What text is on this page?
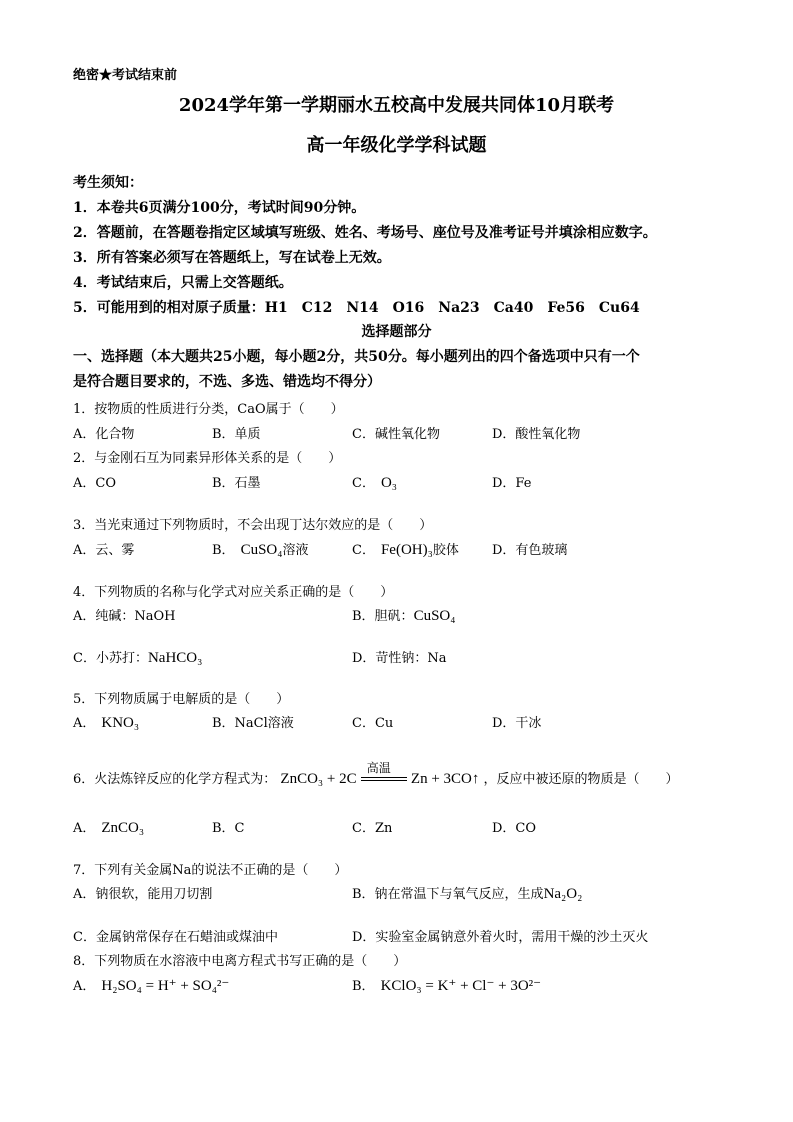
绝密★考试结束前
2024学年第一学期丽水五校高中发展共同体10月联考
高一年级化学学科试题
考生须知：
1．本卷共6页满分100分，考试时间90分钟。
2．答题前，在答题卷指定区域填写班级、姓名、考场号、座位号及准考证号并填涂相应数字。
3．所有答案必须写在答题纸上，写在试卷上无效。
4．考试结束后，只需上交答题纸。
5．可能用到的相对原子质量：H1　C12　N14　O16　Na23　Ca40　Fe56　Cu64
选择题部分
一、选择题（本大题共25小题，每小题2分，共50分。每小题列出的四个备选项中只有一个
是符合题目要求的，不选、多选、错选均不得分）
1．按物质的性质进行分类，CaO属于（　　）
A．化合物	B．单质	C．碱性氧化物	D．酸性氧化物
2．与金刚石互为同素异形体关系的是（　　）
A．CO	B．石墨	C． O₃	D．Fe
3．当光束通过下列物质时，不会出现丁达尔效应的是（　　）
A．云、雾	B． CuSO₄溶液	C． Fe(OH)₃胶体	D．有色玻璃
4．下列物质的名称与化学式对应关系正确的是（　　）
A．纯碱：NaOH	B．胆矾：CuSO₄
C．小苏打：NaHCO₃	D．苛性钠：Na
5．下列物质属于电解质的是（　　）
A． KNO₃	B．NaCl溶液	C．Cu	D．干冰
6．火法炼锌反应的化学方程式为： ZnCO₃ + 2C
高温
Zn + 3CO↑ ，反应中被还原的物质是（　　）
A． ZnCO₃	B．C	C．Zn	D．CO
7．下列有关金属Na的说法不正确的是（　　）
A．钠很软，能用刀切割	B．钠在常温下与氧气反应，生成Na₂O₂
C．金属钠常保存在石蜡油或煤油中	D．实验室金属钠意外着火时，需用干燥的沙土灭火
8．下列物质在水溶液中电离方程式书写正确的是（　　）
A． H₂SO₄ = H⁺ + SO₄²⁻	B． KClO₃ = K⁺ + Cl⁻ + 3O²⁻
